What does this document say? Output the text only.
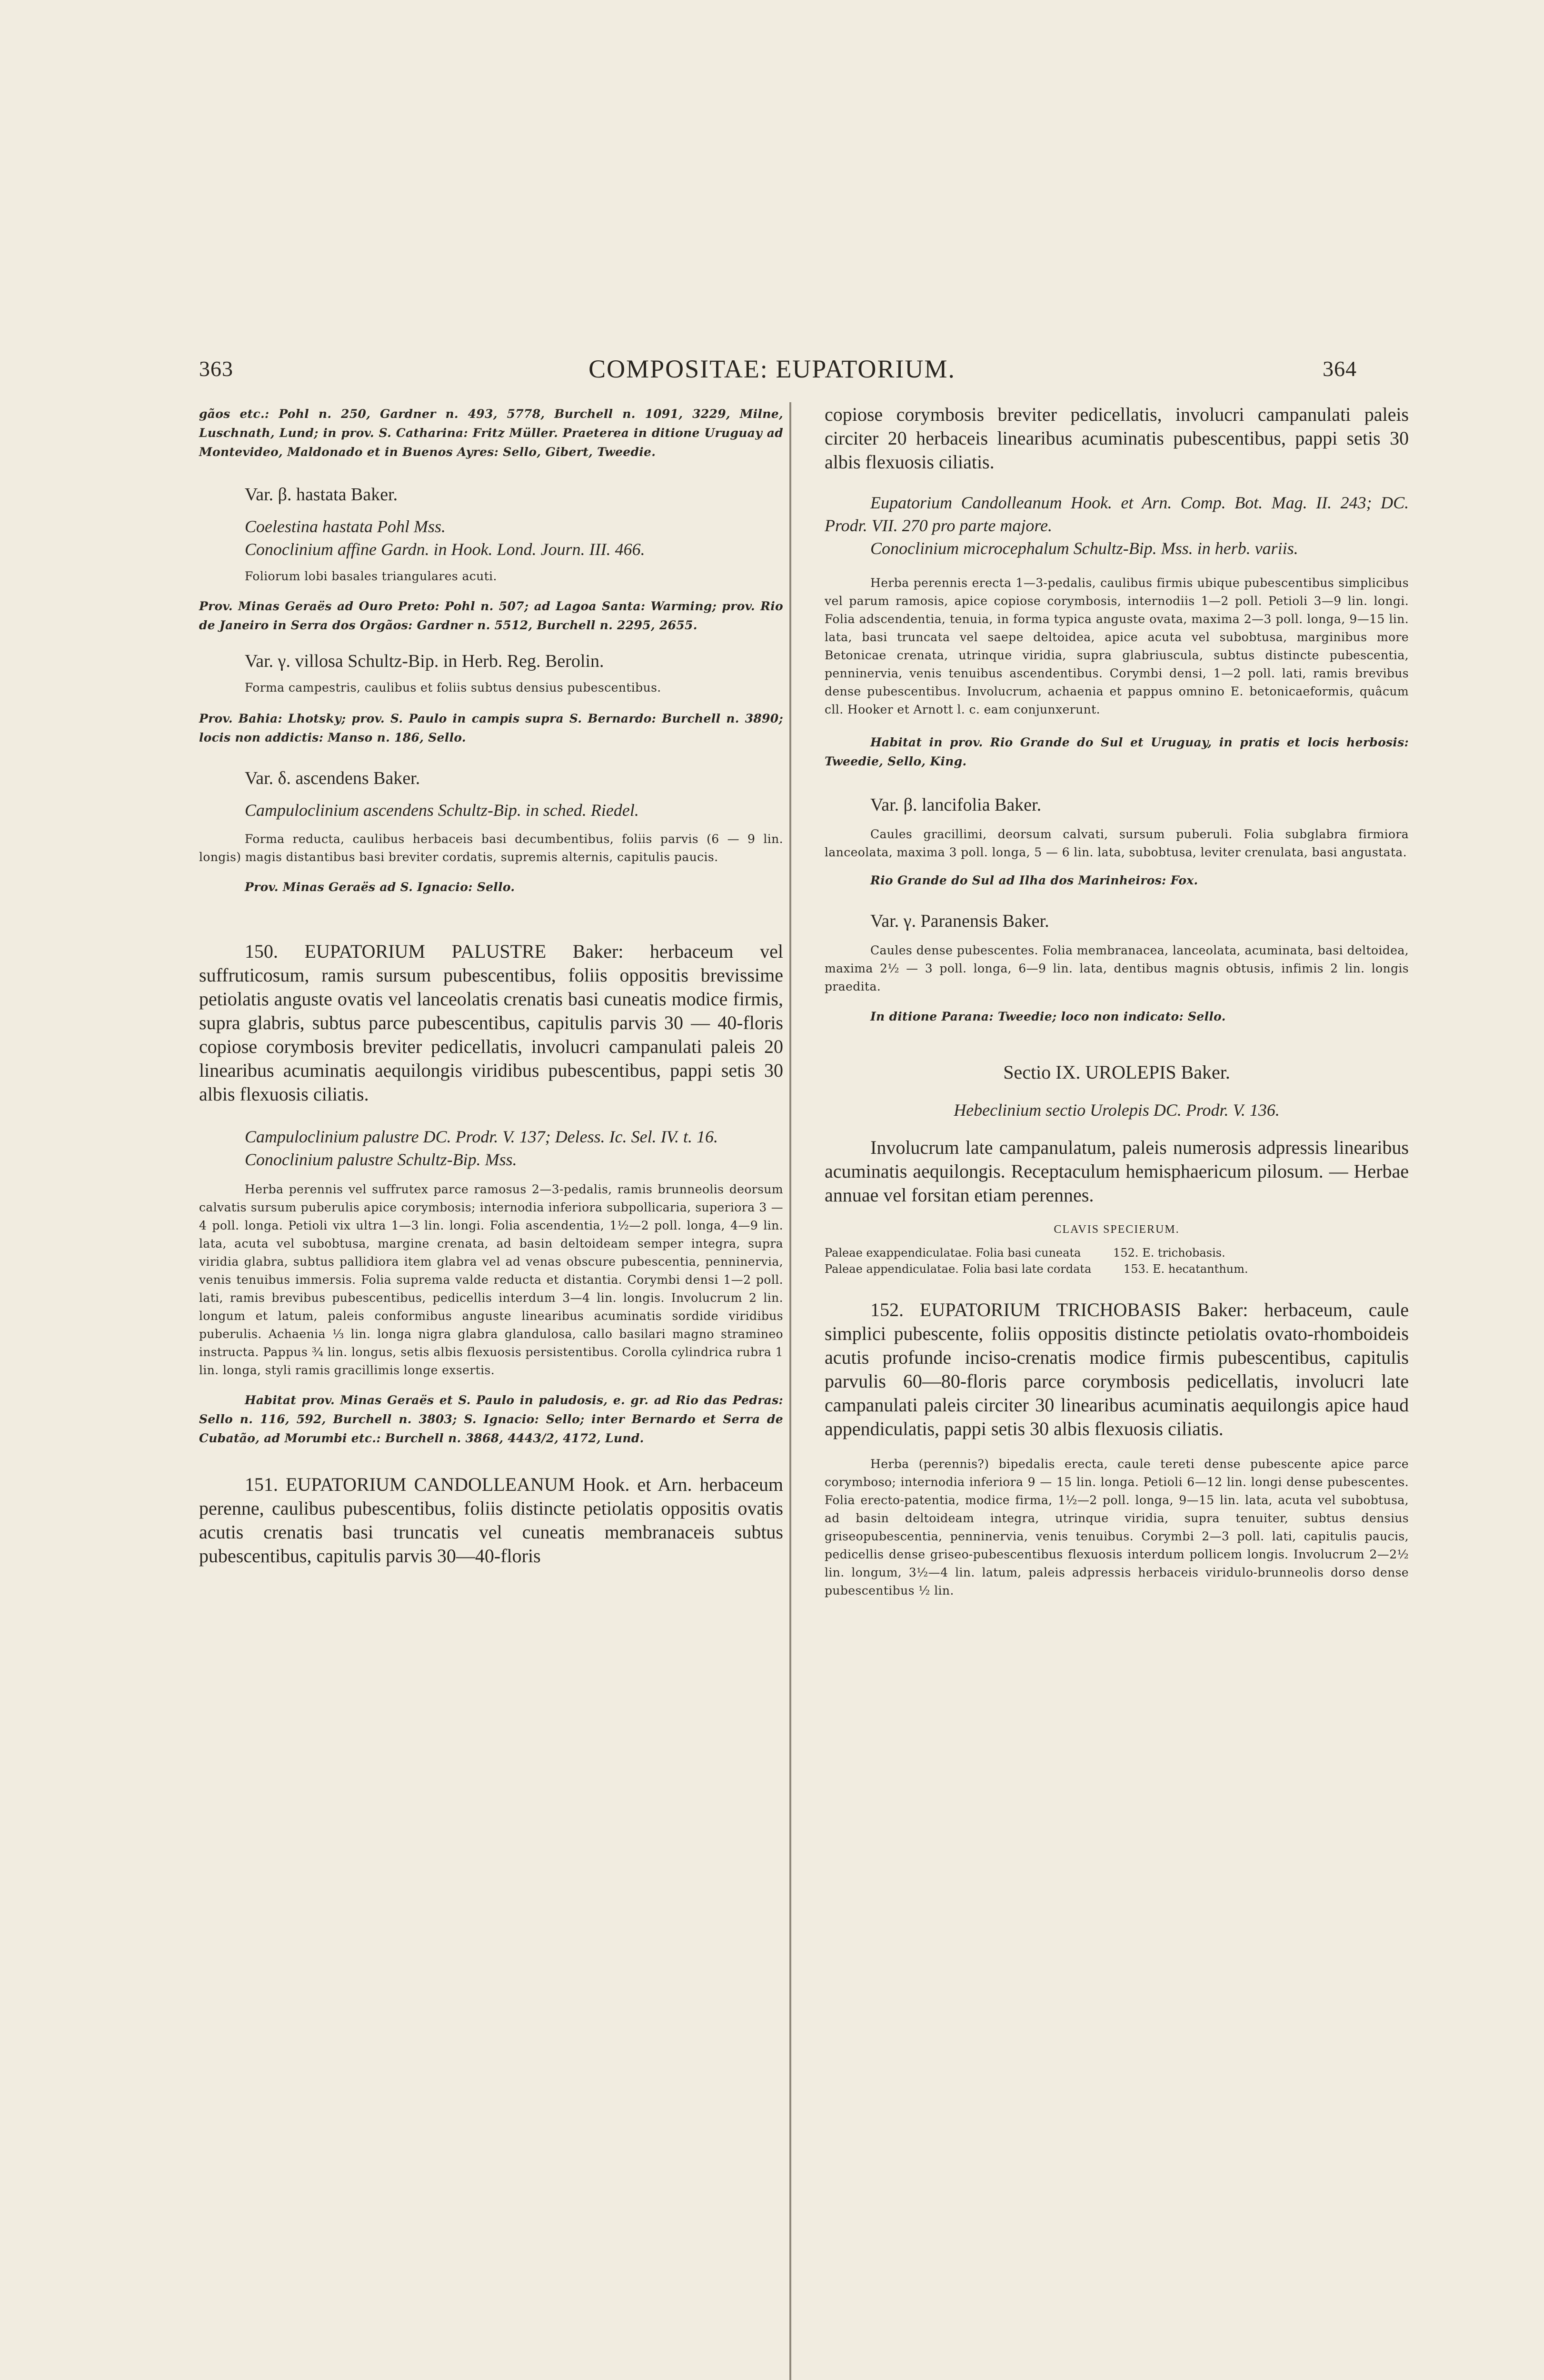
363	COMPOSITAE: EUPATORIUM.	364

gãos etc.: Pohl n. 250, Gardner n. 493, 5778, Burchell n. 1091, 3229, Milne, Luschnath, Lund; in prov. S. Catharina: Fritz Müller. Praeterea in ditione Uruguay ad Montevideo, Maldonado et in Buenos Ayres: Sello, Gibert, Tweedie.

Var. β. hastata Baker.

Coelestina hastata Pohl Mss.

Conoclinium affine Gardn. in Hook. Lond. Journ. III. 466.

Foliorum lobi basales triangulares acuti.

Prov. Minas Geraës ad Ouro Preto: Pohl n. 507; ad Lagoa Santa: Warming; prov. Rio de Janeiro in Serra dos Orgãos: Gardner n. 5512, Burchell n. 2295, 2655.

Var. γ. villosa Schultz-Bip. in Herb. Reg. Berolin.

Forma campestris, caulibus et foliis subtus densius pubescentibus.

Prov. Bahia: Lhotsky; prov. S. Paulo in campis supra S. Bernardo: Burchell n. 3890; locis non addictis: Manso n. 186, Sello.

Var. δ. ascendens Baker.

Campuloclinium ascendens Schultz-Bip. in sched. Riedel.

Forma reducta, caulibus herbaceis basi decumbentibus, foliis parvis (6 — 9 lin. longis) magis distantibus basi breviter cordatis, supremis alternis, capitulis paucis.

Prov. Minas Geraës ad S. Ignacio: Sello.

150. EUPATORIUM PALUSTRE Baker: herbaceum vel suffruticosum, ramis sursum pubescentibus, foliis oppositis brevissime petiolatis anguste ovatis vel lanceolatis crenatis basi cuneatis modice firmis, supra glabris, subtus parce pubescentibus, capitulis parvis 30 — 40-floris copiose corymbosis breviter pedicellatis, involucri campanulati paleis 20 linearibus acuminatis aequilongis viridibus pubescentibus, pappi setis 30 albis flexuosis ciliatis.

Campuloclinium palustre DC. Prodr. V. 137; Deless. Ic. Sel. IV. t. 16.

Conoclinium palustre Schultz-Bip. Mss.

Herba perennis vel suffrutex parce ramosus 2—3-pedalis, ramis brunneolis deorsum calvatis sursum puberulis apice corymbosis; internodia inferiora subpollicaria, superiora 3 — 4 poll. longa. Petioli vix ultra 1—3 lin. longi. Folia ascendentia, 1½—2 poll. longa, 4—9 lin. lata, acuta vel subobtusa, margine crenata, ad basin deltoideam semper integra, supra viridia glabra, subtus pallidiora item glabra vel ad venas obscure pubescentia, penninervia, venis tenuibus immersis. Folia suprema valde reducta et distantia. Corymbi densi 1—2 poll. lati, ramis brevibus pubescentibus, pedicellis interdum 3—4 lin. longis. Involucrum 2 lin. longum et latum, paleis conformibus anguste linearibus acuminatis sordide viridibus puberulis. Achaenia ⅓ lin. longa nigra glabra glandulosa, callo basilari magno stramineo instructa. Pappus ¾ lin. longus, setis albis flexuosis persistentibus. Corolla cylindrica rubra 1 lin. longa, styli ramis gracillimis longe exsertis.

Habitat prov. Minas Geraës et S. Paulo in paludosis, e. gr. ad Rio das Pedras: Sello n. 116, 592, Burchell n. 3803; S. Ignacio: Sello; inter Bernardo et Serra de Cubatão, ad Morumbi etc.: Burchell n. 3868, 4443/2, 4172, Lund.

151. EUPATORIUM CANDOLLEANUM Hook. et Arn. herbaceum perenne, caulibus pubescentibus, foliis distincte petiolatis oppositis ovatis acutis crenatis basi truncatis vel cuneatis membranaceis subtus pubescentibus, capitulis parvis 30—40-floris

copiose corymbosis breviter pedicellatis, involucri campanulati paleis circiter 20 herbaceis linearibus acuminatis pubescentibus, pappi setis 30 albis flexuosis ciliatis.

Eupatorium Candolleanum Hook. et Arn. Comp. Bot. Mag. II. 243; DC. Prodr. VII. 270 pro parte majore.

Conoclinium microcephalum Schultz-Bip. Mss. in herb. variis.

Herba perennis erecta 1—3-pedalis, caulibus firmis ubique pubescentibus simplicibus vel parum ramosis, apice copiose corymbosis, internodiis 1—2 poll. Petioli 3—9 lin. longi. Folia adscendentia, tenuia, in forma typica anguste ovata, maxima 2—3 poll. longa, 9—15 lin. lata, basi truncata vel saepe deltoidea, apice acuta vel subobtusa, marginibus more Betonicae crenata, utrinque viridia, supra glabriuscula, subtus distincte pubescentia, penninervia, venis tenuibus ascendentibus. Corymbi densi, 1—2 poll. lati, ramis brevibus dense pubescentibus. Involucrum, achaenia et pappus omnino E. betonicaeformis, quâcum cll. Hooker et Arnott l. c. eam conjunxerunt.

Habitat in prov. Rio Grande do Sul et Uruguay, in pratis et locis herbosis: Tweedie, Sello, King.

Var. β. lancifolia Baker.

Caules gracillimi, deorsum calvati, sursum puberuli. Folia subglabra firmiora lanceolata, maxima 3 poll. longa, 5 — 6 lin. lata, subobtusa, leviter crenulata, basi angustata.

Rio Grande do Sul ad Ilha dos Marinheiros: Fox.

Var. γ. Paranensis Baker.

Caules dense pubescentes. Folia membranacea, lanceolata, acuminata, basi deltoidea, maxima 2½ — 3 poll. longa, 6—9 lin. lata, dentibus magnis obtusis, infimis 2 lin. longis praedita.

In ditione Parana: Tweedie; loco non indicato: Sello.

Sectio IX. UROLEPIS Baker.

Hebeclinium sectio Urolepis DC. Prodr. V. 136.

Involucrum late campanulatum, paleis numerosis adpressis linearibus acuminatis aequilongis. Receptaculum hemisphaericum pilosum. — Herbae annuae vel forsitan etiam perennes.

CLAVIS SPECIERUM.

Paleae exappendiculatae. Folia basi cuneata	152. E. trichobasis.
Paleae appendiculatae. Folia basi late cordata	153. E. hecatanthum.

152. EUPATORIUM TRICHOBASIS Baker: herbaceum, caule simplici pubescente, foliis oppositis distincte petiolatis ovato-rhomboideis acutis profunde inciso-crenatis modice firmis pubescentibus, capitulis parvulis 60—80-floris parce corymbosis pedicellatis, involucri late campanulati paleis circiter 30 linearibus acuminatis aequilongis apice haud appendiculatis, pappi setis 30 albis flexuosis ciliatis.

Herba (perennis?) bipedalis erecta, caule tereti dense pubescente apice parce corymboso; internodia inferiora 9 — 15 lin. longa. Petioli 6—12 lin. longi dense pubescentes. Folia erecto-patentia, modice firma, 1½—2 poll. longa, 9—15 lin. lata, acuta vel subobtusa, ad basin deltoideam integra, utrinque viridia, supra tenuiter, subtus densius griseopubescentia, penninervia, venis tenuibus. Corymbi 2—3 poll. lati, capitulis paucis, pedicellis dense griseo-pubescentibus flexuosis interdum pollicem longis. Involucrum 2—2½ lin. longum, 3½—4 lin. latum, paleis adpressis herbaceis viridulo-brunneolis dorso dense pubescentibus ½ lin.
